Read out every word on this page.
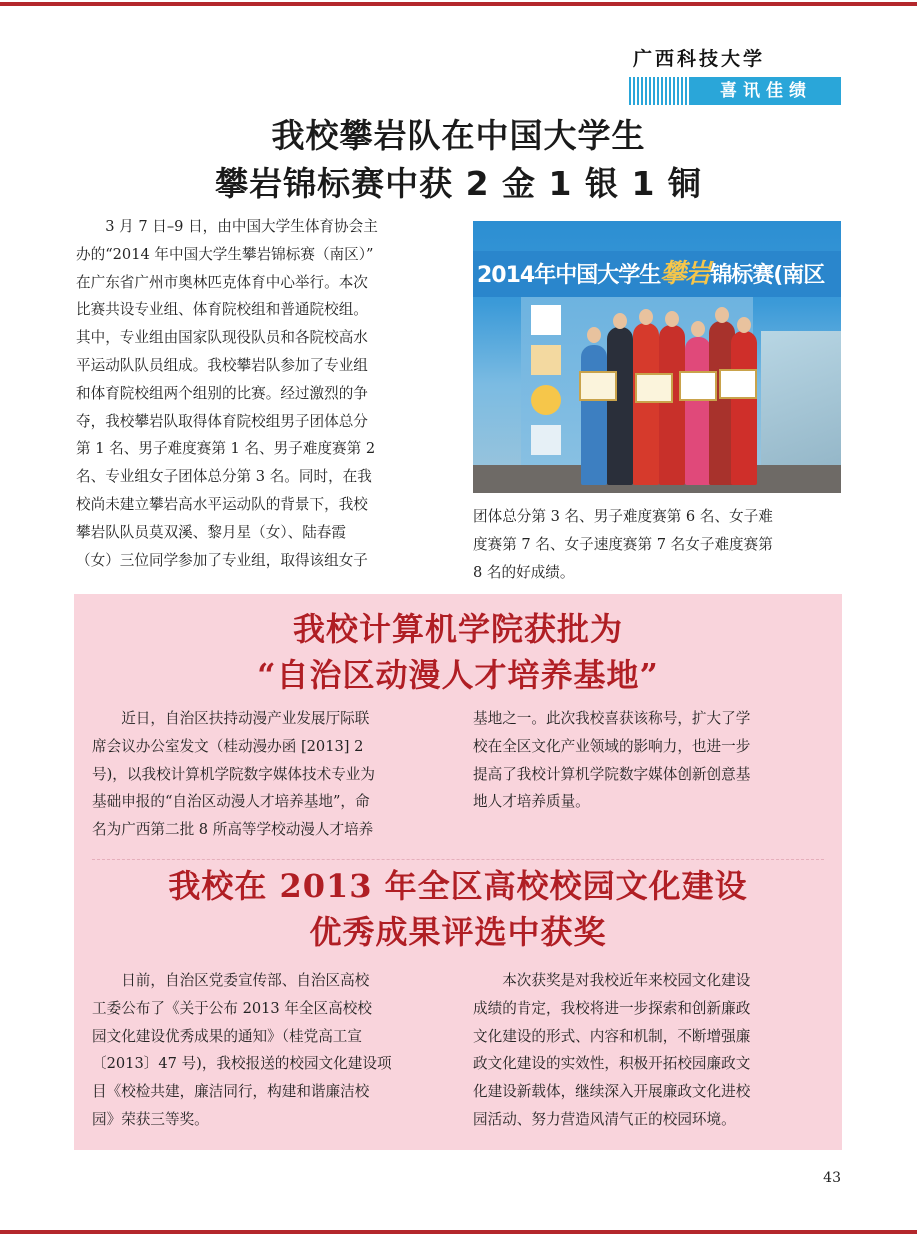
广西科技大学
喜讯佳绩
我校攀岩队在中国大学生
攀岩锦标赛中获 2 金 1 银 1 铜
3 月 7 日–9 日，由中国大学生体育协会主
办的“2014 年中国大学生攀岩锦标赛（南区）”
在广东省广州市奥林匹克体育中心举行。本次
比赛共设专业组、体育院校组和普通院校组。
其中，专业组由国家队现役队员和各院校高水
平运动队队员组成。我校攀岩队参加了专业组
和体育院校组两个组别的比赛。经过激烈的争
夺，我校攀岩队取得体育院校组男子团体总分
第 1 名、男子难度赛第 1 名、男子难度赛第 2
名、专业组女子团体总分第 3 名。同时，在我
校尚未建立攀岩高水平运动队的背景下，我校
攀岩队队员莫双溪、黎月星（女）、陆春霞
（女）三位同学参加了专业组，取得该组女子
2014年中国大学生攀岩锦标赛(南区
团体总分第 3 名、男子难度赛第 6 名、女子难
度赛第 7 名、女子速度赛第 7 名女子难度赛第
8 名的好成绩。
我校计算机学院获批为
“自治区动漫人才培养基地”
近日，自治区扶持动漫产业发展厅际联
席会议办公室发文（桂动漫办函 [2013] 2
号)，以我校计算机学院数字媒体技术专业为
基础申报的“自治区动漫人才培养基地”，命
名为广西第二批 8 所高等学校动漫人才培养
基地之一。此次我校喜获该称号，扩大了学
校在全区文化产业领域的影响力，也进一步
提高了我校计算机学院数字媒体创新创意基
地人才培养质量。
我校在 2013 年全区高校校园文化建设
优秀成果评选中获奖
日前，自治区党委宣传部、自治区高校
工委公布了《关于公布 2013 年全区高校校
园文化建设优秀成果的通知》（桂党高工宣
〔2013〕47 号)，我校报送的校园文化建设项
目《校检共建，廉洁同行，构建和谐廉洁校
园》荣获三等奖。
本次获奖是对我校近年来校园文化建设
成绩的肯定，我校将进一步探索和创新廉政
文化建设的形式、内容和机制，不断增强廉
政文化建设的实效性，积极开拓校园廉政文
化建设新载体，继续深入开展廉政文化进校
园活动、努力营造风清气正的校园环境。
43
